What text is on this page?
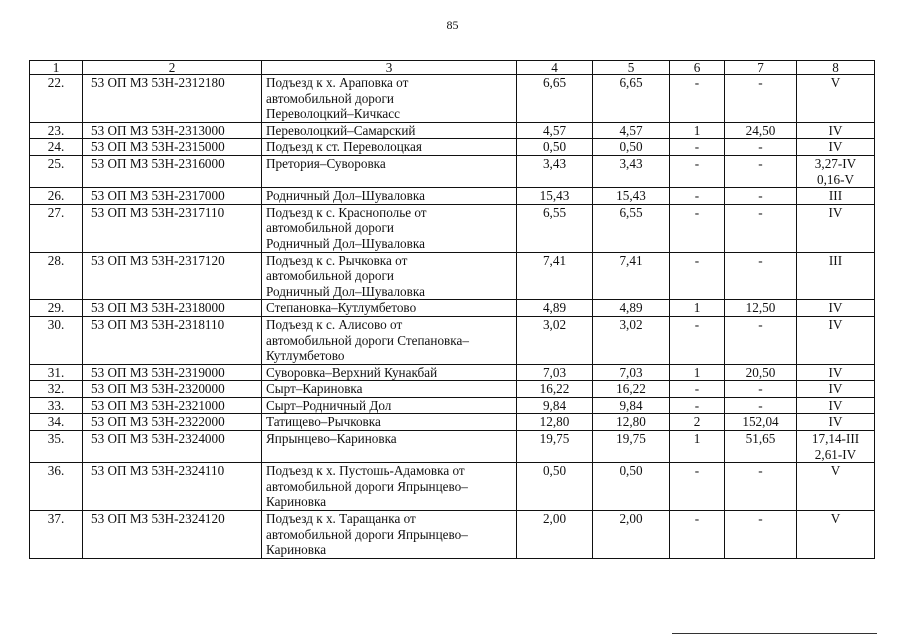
85
1	2	3	4	5	6	7	8
22.	53 ОП МЗ 53Н-2312180	Подъезд к х. Араповка от
автомобильной дороги
Переволоцкий–Кичкасс	6,65	6,65	-	-	V

23.	53 ОП МЗ 53Н-2313000	Переволоцкий–Самарский	4,57	4,57	1	24,50	IV

24.	53 ОП МЗ 53Н-2315000	Подъезд к ст. Переволоцкая	0,50	0,50	-	-	IV

25.	53 ОП МЗ 53Н-2316000	Претория–Суворовка	3,43	3,43	-	-	3,27-IV
0,16-V

26.	53 ОП МЗ 53Н-2317000	Родничный Дол–Шуваловка	15,43	15,43	-	-	III

27.	53 ОП МЗ 53Н-2317110	Подъезд к с. Краснополье от
автомобильной дороги
Родничный Дол–Шуваловка	6,55	6,55	-	-	IV

28.	53 ОП МЗ 53Н-2317120	Подъезд к с. Рычковка от
автомобильной дороги
Родничный Дол–Шуваловка	7,41	7,41	-	-	III

29.	53 ОП МЗ 53Н-2318000	Степановка–Кутлумбетово	4,89	4,89	1	12,50	IV

30.	53 ОП МЗ 53Н-2318110	Подъезд к с. Алисово от
автомобильной дороги Степановка–
Кутлумбетово	3,02	3,02	-	-	IV

31.	53 ОП МЗ 53Н-2319000	Суворовка–Верхний Кунакбай	7,03	7,03	1	20,50	IV

32.	53 ОП МЗ 53Н-2320000	Сырт–Кариновка	16,22	16,22	-	-	IV

33.	53 ОП МЗ 53Н-2321000	Сырт–Родничный Дол	9,84	9,84	-	-	IV

34.	53 ОП МЗ 53Н-2322000	Татищево–Рычковка	12,80	12,80	2	152,04	IV

35.	53 ОП МЗ 53Н-2324000	Япрынцево–Кариновка	19,75	19,75	1	51,65	17,14-III
2,61-IV

36.	53 ОП МЗ 53Н-2324110	Подъезд к х. Пустошь-Адамовка от
автомобильной дороги Япрынцево–
Кариновка	0,50	0,50	-	-	V

37.	53 ОП МЗ 53Н-2324120	Подъезд к х. Таращанка от
автомобильной дороги Япрынцево–
Кариновка	2,00	2,00	-	-	V
